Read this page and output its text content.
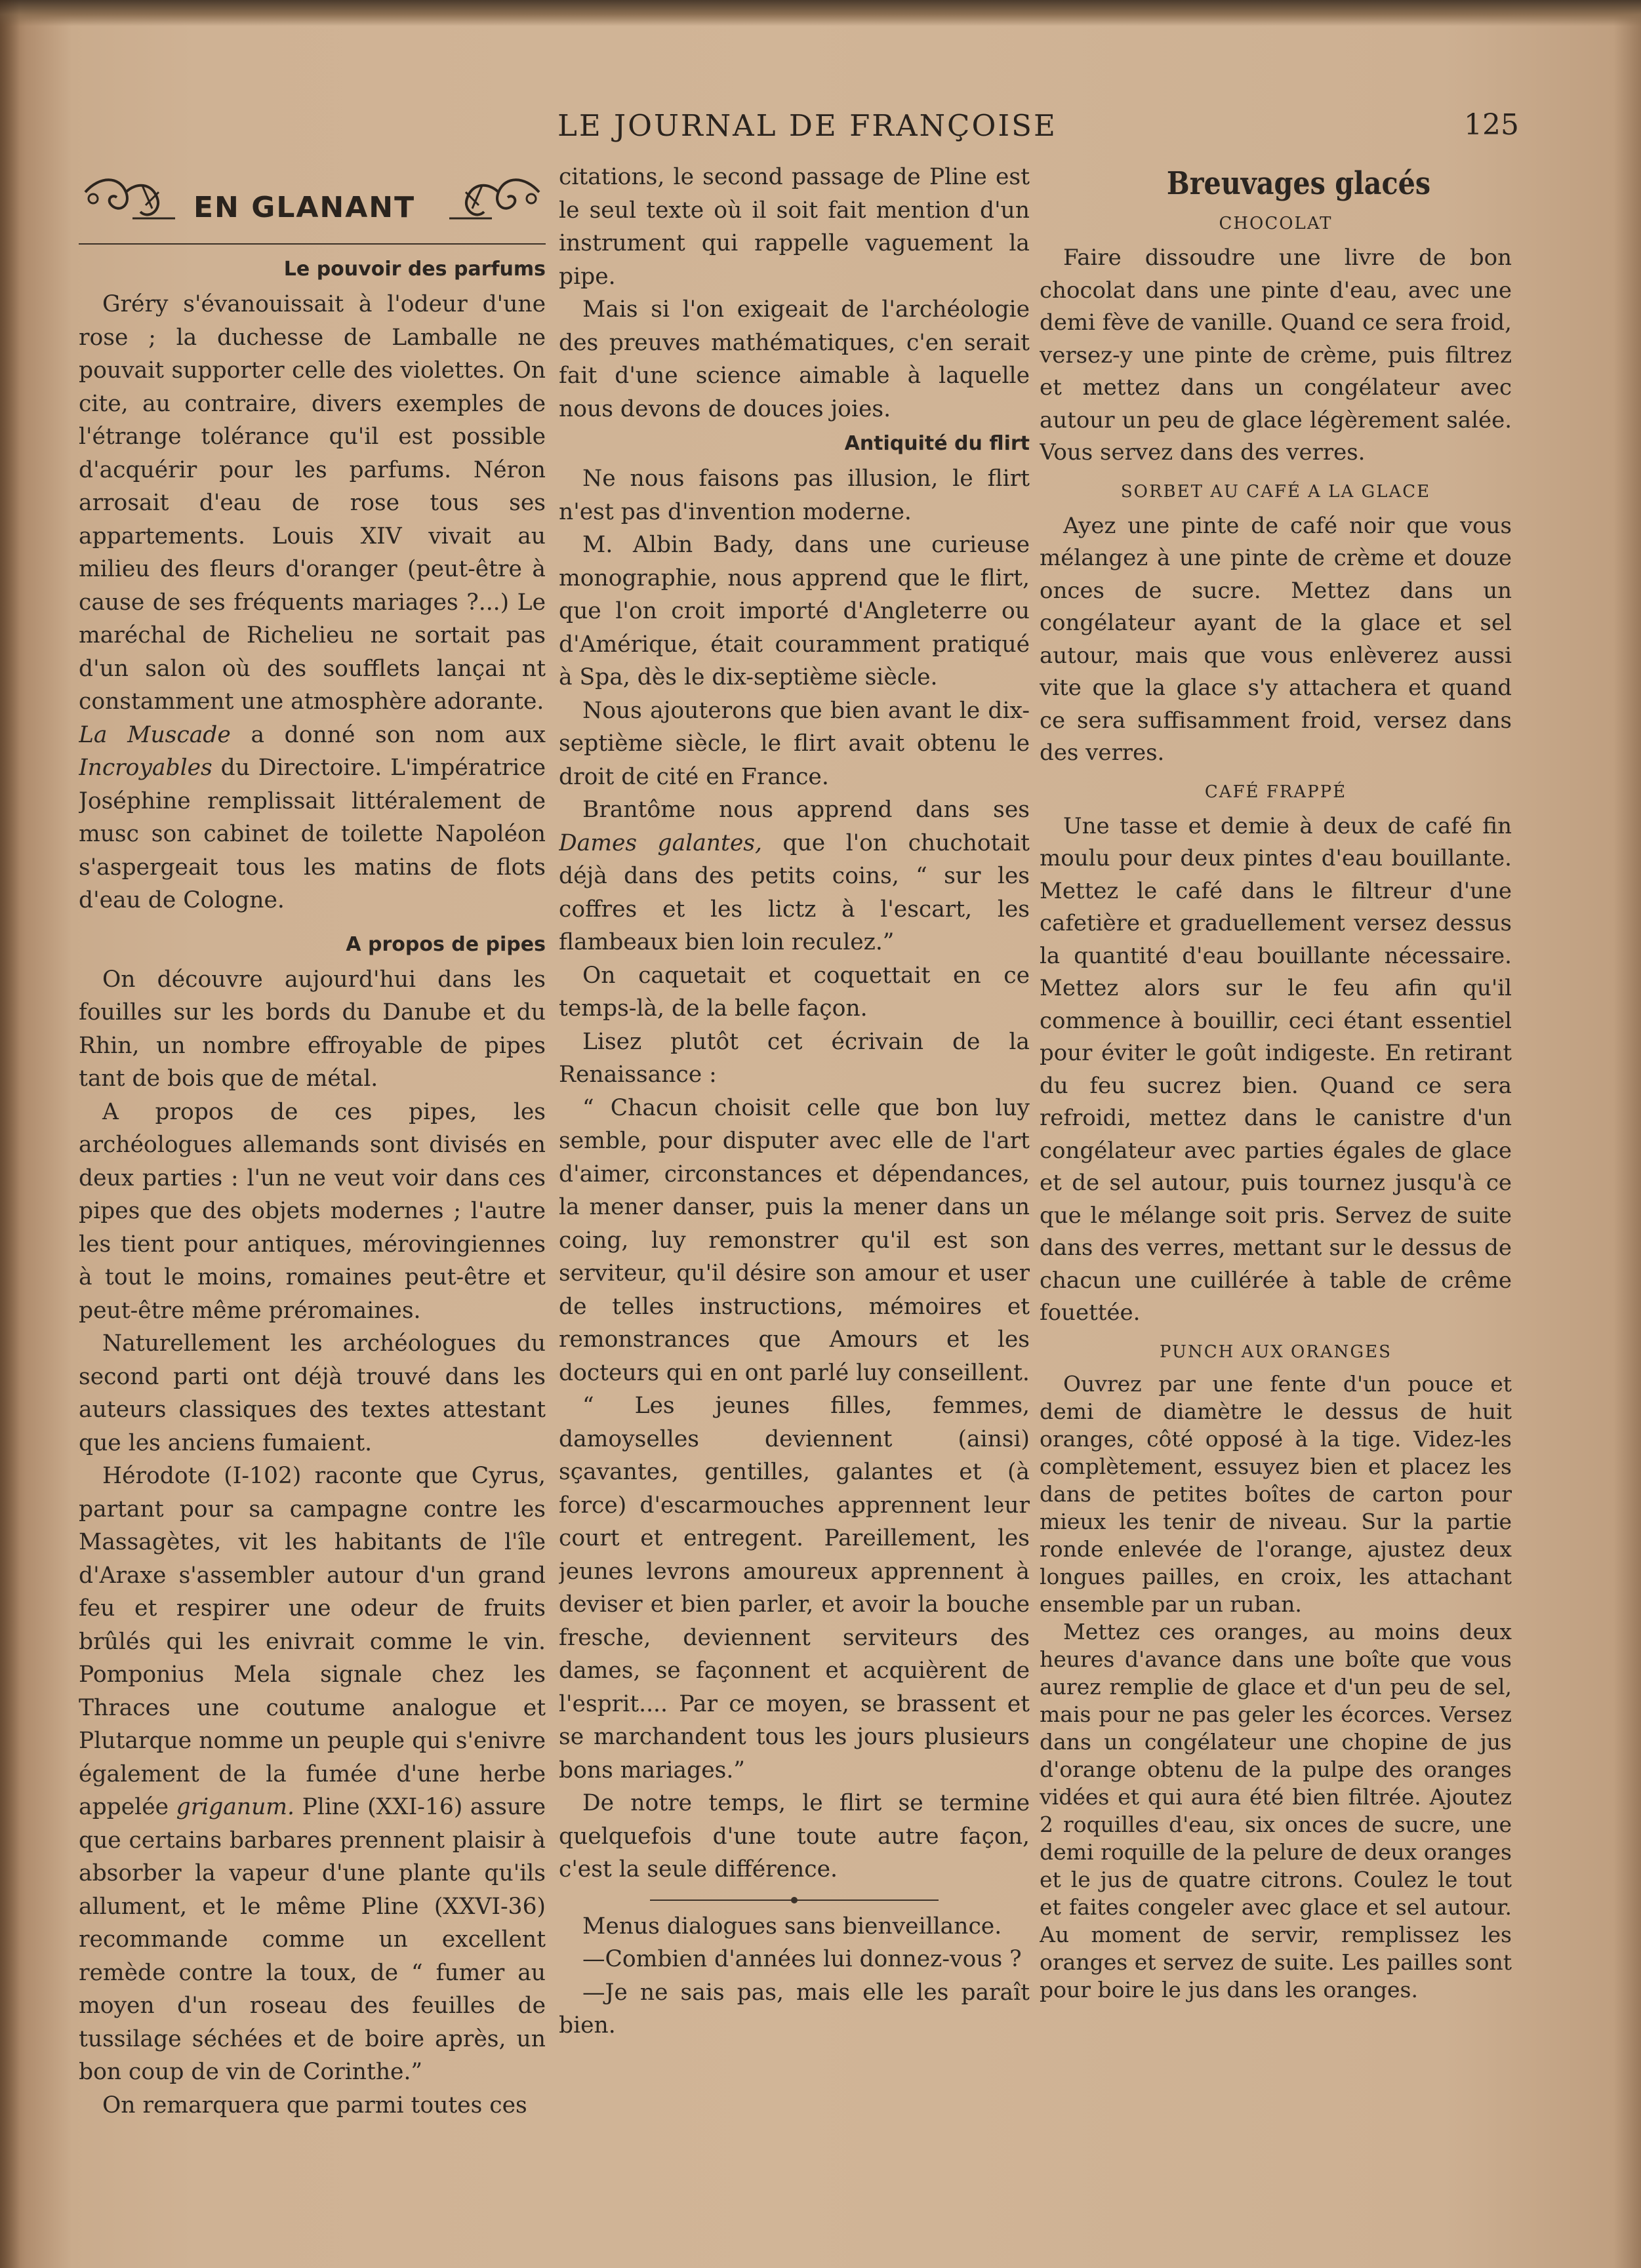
LE JOURNAL DE FRANÇOISE	125
EN GLANANT
Le pouvoir des parfums

Gréry s'évanouissait à l'odeur d'une rose ; la duchesse de Lamballe ne pouvait supporter celle des violettes. On cite, au contraire, divers exemples de l'étrange tolérance qu'il est possible d'acquérir pour les parfums. Néron arrosait d'eau de rose tous ses appartements. Louis XIV vivait au milieu des fleurs d'oranger (peut-être à cause de ses fréquents mariages ?...) Le maréchal de Richelieu ne sortait pas d'un salon où des soufflets lançai nt constamment une atmosphère adorante.

La Muscade a donné son nom aux Incroyables du Directoire. L'impératrice Joséphine remplissait littéralement de musc son cabinet de toilette Napoléon s'aspergeait tous les matins de flots d'eau de Cologne.

A propos de pipes

On découvre aujourd'hui dans les fouilles sur les bords du Danube et du Rhin, un nombre effroyable de pipes tant de bois que de métal.

A propos de ces pipes, les archéologues allemands sont divisés en deux parties : l'un ne veut voir dans ces pipes que des objets modernes ; l'autre les tient pour antiques, mérovingiennes à tout le moins, romaines peut-être et peut-être même préromaines.

Naturellement les archéologues du second parti ont déjà trouvé dans les auteurs classiques des textes attestant que les anciens fumaient.

Hérodote (I-102) raconte que Cyrus, partant pour sa campagne contre les Massagètes, vit les habitants de l'île d'Araxe s'assembler autour d'un grand feu et respirer une odeur de fruits brûlés qui les enivrait comme le vin. Pomponius Mela signale chez les Thraces une coutume analogue et Plutarque nomme un peuple qui s'enivre également de la fumée d'une herbe appelée griganum. Pline (XXI-16) assure que certains barbares prennent plaisir à absorber la vapeur d'une plante qu'ils allument, et le même Pline (XXVI-36) recommande comme un excellent remède contre la toux, de “ fumer au moyen d'un roseau des feuilles de tussilage séchées et de boire après, un bon coup de vin de Corinthe.”

On remarquera que parmi toutes ces

citations, le second passage de Pline est le seul texte où il soit fait mention d'un instrument qui rappelle vaguement la pipe.

Mais si l'on exigeait de l'archéologie des preuves mathématiques, c'en serait fait d'une science aimable à laquelle nous devons de douces joies.

Antiquité du flirt

Ne nous faisons pas illusion, le flirt n'est pas d'invention moderne.

M. Albin Bady, dans une curieuse monographie, nous apprend que le flirt, que l'on croit importé d'Angleterre ou d'Amérique, était couramment pratiqué à Spa, dès le dix-septième siècle.

Nous ajouterons que bien avant le dix-septième siècle, le flirt avait obtenu le droit de cité en France.

Brantôme nous apprend dans ses Dames galantes, que l'on chuchotait déjà dans des petits coins, “ sur les coffres et les lictz à l'escart, les flambeaux bien loin reculez.”

On caquetait et coquettait en ce temps-là, de la belle façon.

Lisez plutôt cet écrivain de la Renaissance :

“ Chacun choisit celle que bon luy semble, pour disputer avec elle de l'art d'aimer, circonstances et dépendances, la mener danser, puis la mener dans un coing, luy remonstrer qu'il est son serviteur, qu'il désire son amour et user de telles instructions, mémoires et remonstrances que Amours et les docteurs qui en ont parlé luy conseillent.

“ Les jeunes filles, femmes, damoyselles deviennent (ainsi) sçavantes, gentilles, galantes et (à force) d'escarmouches apprennent leur court et entregent. Pareillement, les jeunes levrons amoureux apprennent à deviser et bien parler, et avoir la bouche fresche, deviennent serviteurs des dames, se façonnent et acquièrent de l'esprit.... Par ce moyen, se brassent et se marchandent tous les jours plusieurs bons mariages.”

De notre temps, le flirt se termine quelquefois d'une toute autre façon, c'est la seule différence.

Menus dialogues sans bienveillance.

—Combien d'années lui donnez-vous ?

—Je ne sais pas, mais elle les paraît bien.

Breuvages glacés
CHOCOLAT

Faire dissoudre une livre de bon chocolat dans une pinte d'eau, avec une demi fève de vanille. Quand ce sera froid, versez-y une pinte de crème, puis filtrez et mettez dans un congélateur avec autour un peu de glace légèrement salée. Vous servez dans des verres.

SORBET AU CAFÉ A LA GLACE

Ayez une pinte de café noir que vous mélangez à une pinte de crème et douze onces de sucre. Mettez dans un congélateur ayant de la glace et sel autour, mais que vous enlèverez aussi vite que la glace s'y attachera et quand ce sera suffisamment froid, versez dans des verres.

CAFÉ FRAPPÉ

Une tasse et demie à deux de café fin moulu pour deux pintes d'eau bouillante. Mettez le café dans le filtreur d'une cafetière et graduellement versez dessus la quantité d'eau bouillante nécessaire. Mettez alors sur le feu afin qu'il commence à bouillir, ceci étant essentiel pour éviter le goût indigeste. En retirant du feu sucrez bien. Quand ce sera refroidi, mettez dans le canistre d'un congélateur avec parties égales de glace et de sel autour, puis tournez jusqu'à ce que le mélange soit pris. Servez de suite dans des verres, mettant sur le dessus de chacun une cuillérée à table de crême fouettée.

PUNCH AUX ORANGES

Ouvrez par une fente d'un pouce et demi de diamètre le dessus de huit oranges, côté opposé à la tige. Videz-les complètement, essuyez bien et placez les dans de petites boîtes de carton pour mieux les tenir de niveau. Sur la partie ronde enlevée de l'orange, ajustez deux longues pailles, en croix, les attachant ensemble par un ruban.

Mettez ces oranges, au moins deux heures d'avance dans une boîte que vous aurez remplie de glace et d'un peu de sel, mais pour ne pas geler les écorces. Versez dans un congélateur une chopine de jus d'orange obtenu de la pulpe des oranges vidées et qui aura été bien filtrée. Ajoutez 2 roquilles d'eau, six onces de sucre, une demi roquille de la pelure de deux oranges et le jus de quatre citrons. Coulez le tout et faites congeler avec glace et sel autour. Au moment de servir, remplissez les oranges et servez de suite. Les pailles sont pour boire le jus dans les oranges.
